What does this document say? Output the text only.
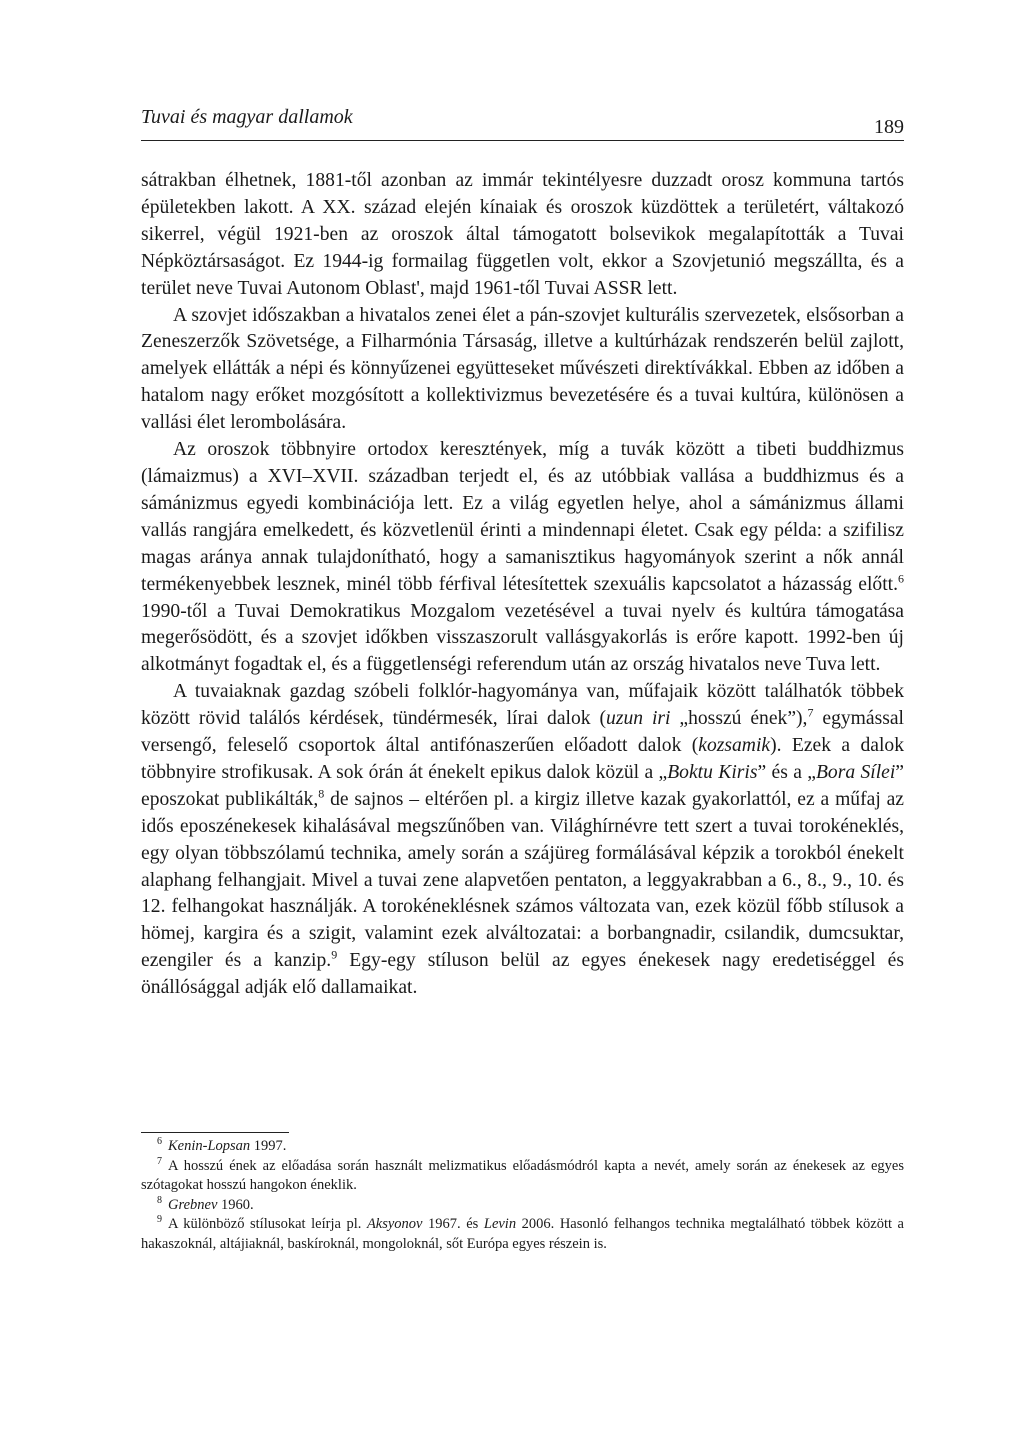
Tuvai és magyar dallamok	189

sátrakban élhetnek, 1881-től azonban az immár tekintélyesre duzzadt orosz kommuna tartós épületekben lakott. A XX. század elején kínaiak és oroszok küzdöttek a területért, váltakozó sikerrel, végül 1921-ben az oroszok által támogatott bolsevikok megalapították a Tuvai Népköztársaságot. Ez 1944-ig formailag független volt, ekkor a Szovjetunió megszállta, és a terület neve Tuvai Autonom Oblast', majd 1961-től Tuvai ASSR lett.

A szovjet időszakban a hivatalos zenei élet a pán-szovjet kulturális szervezetek, elsősorban a Zeneszerzők Szövetsége, a Filharmónia Társaság, illetve a kultúrházak rendszerén belül zajlott, amelyek ellátták a népi és könnyűzenei együtteseket művészeti direktívákkal. Ebben az időben a hatalom nagy erőket mozgósított a kollektivizmus bevezetésére és a tuvai kultúra, különösen a vallási élet lerombolására.

Az oroszok többnyire ortodox keresztények, míg a tuvák között a tibeti buddhizmus (lámaizmus) a XVI–XVII. században terjedt el, és az utóbbiak vallása a buddhizmus és a sámánizmus egyedi kombinációja lett. Ez a világ egyetlen helye, ahol a sámánizmus állami vallás rangjára emelkedett, és közvetlenül érinti a mindennapi életet. Csak egy példa: a szifilisz magas aránya annak tulajdonítható, hogy a samanisztikus hagyományok szerint a nők annál termékenyebbek lesznek, minél több férfival létesítettek szexuális kapcsolatot a házasság előtt.$^6$ 1990-től a Tuvai Demokratikus Mozgalom vezetésével a tuvai nyelv és kultúra támogatása megerősödött, és a szovjet időkben visszaszorult vallásgyakorlás is erőre kapott. 1992-ben új alkotmányt fogadtak el, és a függetlenségi referendum után az ország hivatalos neve Tuva lett.

A tuvaiaknak gazdag szóbeli folklór-hagyománya van, műfajaik között találhatók többek között rövid találós kérdések, tündérmesék, lírai dalok (uzun iri „hosszú ének”),$^7$ egymással versengő, feleselő csoportok által antifónaszerűen előadott dalok (kozsamik). Ezek a dalok többnyire strofikusak. A sok órán át énekelt epikus dalok közül a „Boktu Kiris” és a „Bora Sílei” eposzokat publikálták,$^8$ de sajnos – eltérően pl. a kirgiz illetve kazak gyakorlattól, ez a műfaj az idős eposzénekesek kihalásával megszűnőben van. Világhírnévre tett szert a tuvai torokéneklés, egy olyan többszólamú technika, amely során a szájüreg formálásával képzik a torokból énekelt alaphang felhangjait. Mivel a tuvai zene alapvetően pentaton, a leggyakrabban a 6., 8., 9., 10. és 12. felhangokat használják. A torokéneklésnek számos változata van, ezek közül főbb stílusok a hömej, kargira és a szigit, valamint ezek alváltozatai: a borbangnadir, csilandik, dumcsuktar, ezengiler és a kanzip.$^9$ Egy-egy stíluson belül az egyes énekesek nagy eredetiséggel és önállósággal adják elő dallamaikat.

$^6$ Kenin-Lopsan 1997.

$^7$ A hosszú ének az előadása során használt melizmatikus előadásmódról kapta a nevét, amely során az énekesek az egyes szótagokat hosszú hangokon éneklik.

$^8$ Grebnev 1960.

$^9$ A különböző stílusokat leírja pl. Aksyonov 1967. és Levin 2006. Hasonló felhangos technika megtalálható többek között a hakaszoknál, altájiaknál, baskíroknál, mongoloknál, sőt Európa egyes részein is.
